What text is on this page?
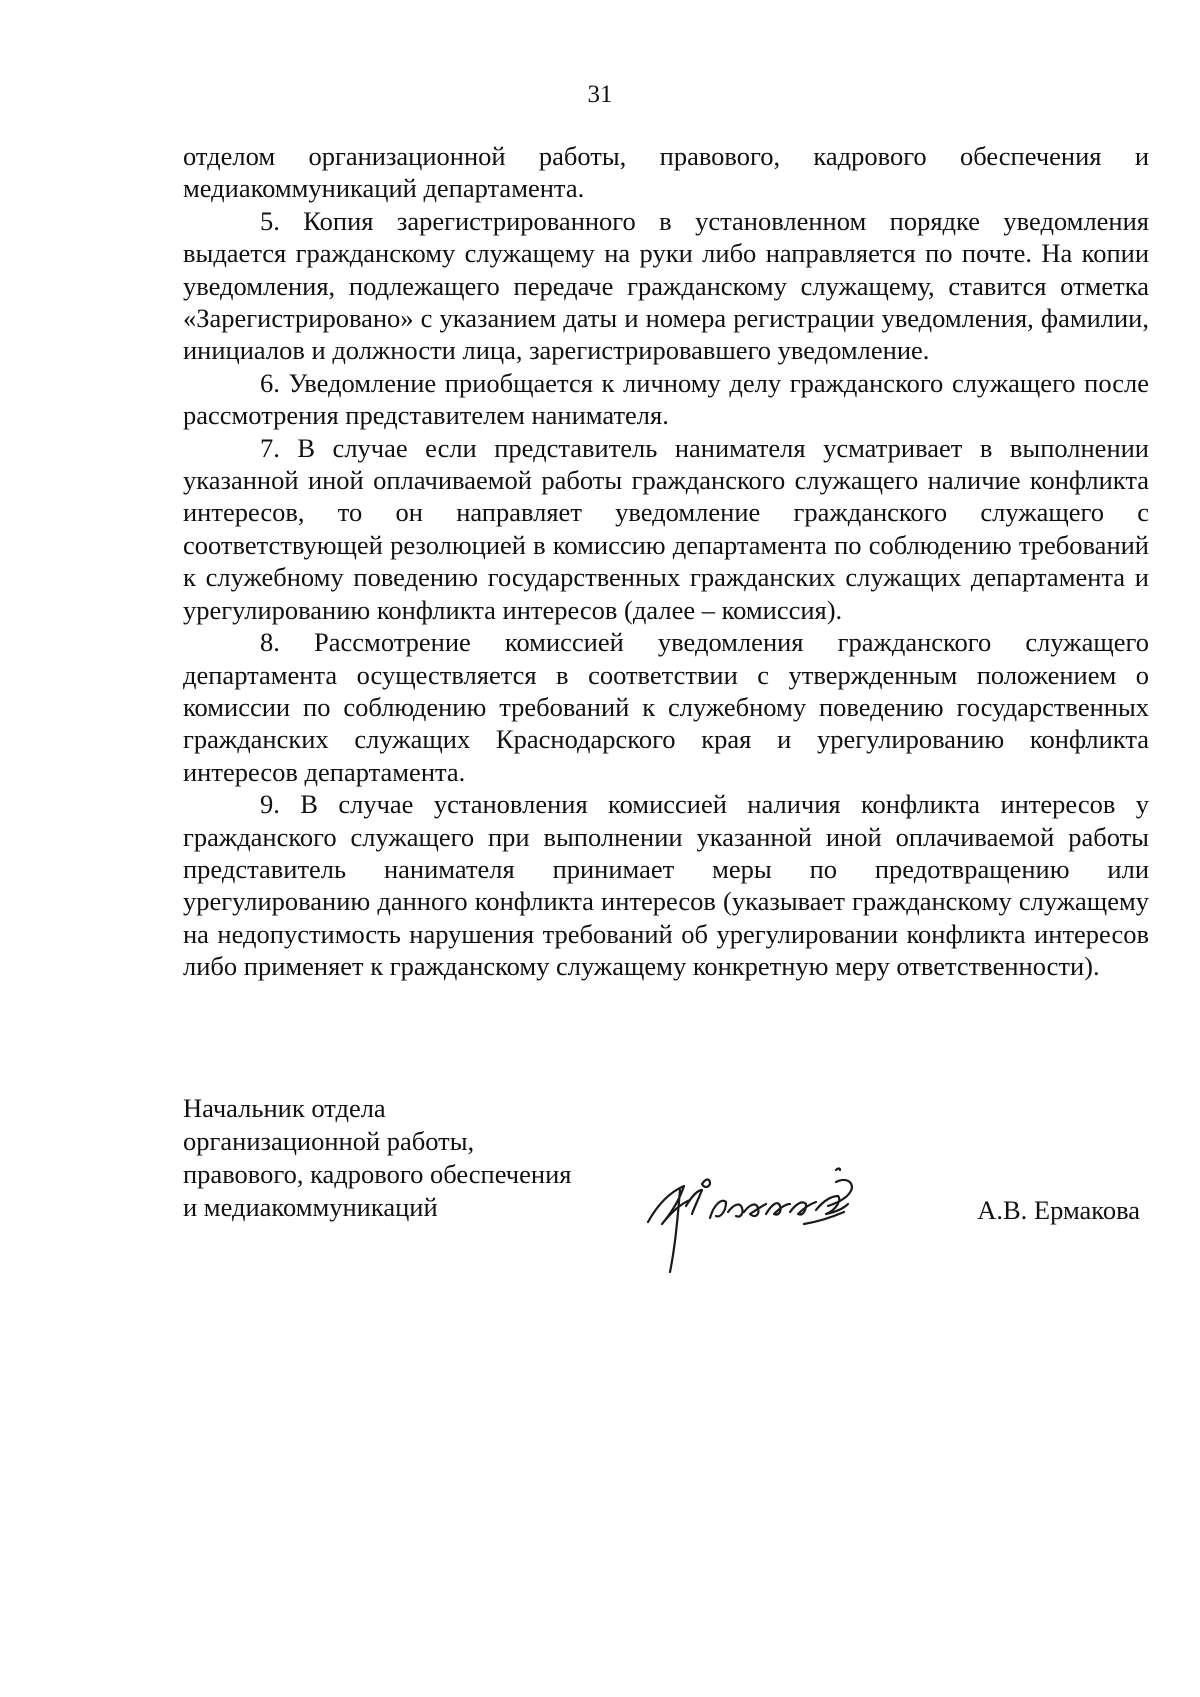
31

отделом организационной работы, правового, кадрового обеспечения и медиакоммуникаций департамента.

5. Копия зарегистрированного в установленном порядке уведомления выдается гражданскому служащему на руки либо направляется по почте. На копии уведомления, подлежащего передаче гражданскому служащему, ставится отметка «Зарегистрировано» с указанием даты и номера регистрации уведомления, фамилии, инициалов и должности лица, зарегистрировавшего уведомление.

6. Уведомление приобщается к личному делу гражданского служащего после рассмотрения представителем нанимателя.

7. В случае если представитель нанимателя усматривает в выполнении указанной иной оплачиваемой работы гражданского служащего наличие конфликта интересов, то он направляет уведомление гражданского служащего с соответствующей резолюцией в комиссию департамента по соблюдению требований к служебному поведению государственных гражданских служащих департамента и урегулированию конфликта интересов (далее – комиссия).

8. Рассмотрение комиссией уведомления гражданского служащего департамента осуществляется в соответствии с утвержденным положением о комиссии по соблюдению требований к служебному поведению государственных гражданских служащих Краснодарского края и урегулированию конфликта интересов департамента.

9. В случае установления комиссией наличия конфликта интересов у гражданского служащего при выполнении указанной иной оплачиваемой работы представитель нанимателя принимает меры по предотвращению или урегулированию данного конфликта интересов (указывает гражданскому служащему на недопустимость нарушения требований об урегулировании конфликта интересов либо применяет к гражданскому служащему конкретную меру ответственности).

Начальник отдела
организационной работы,
правового, кадрового обеспечения
и медиакоммуникаций	А.В. Ермакова
